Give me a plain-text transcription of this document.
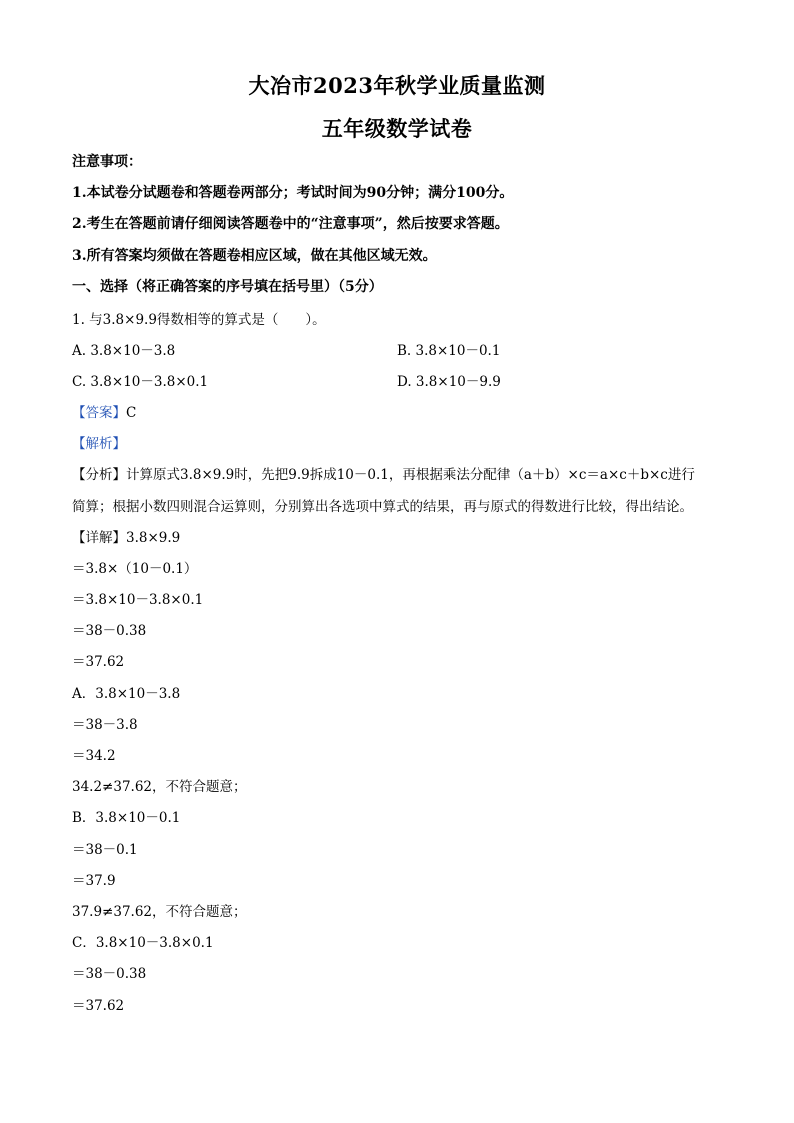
大冶市2023年秋学业质量监测
五年级数学试卷
注意事项：
1.本试卷分试题卷和答题卷两部分；考试时间为90分钟；满分100分。
2.考生在答题前请仔细阅读答题卷中的“注意事项”，然后按要求答题。
3.所有答案均须做在答题卷相应区域，做在其他区域无效。
一、选择（将正确答案的序号填在括号里）（5分）
1. 与3.8×9.9得数相等的算式是（　　）。
A. 3.8×10－3.8	B. 3.8×10－0.1
C. 3.8×10－3.8×0.1	D. 3.8×10－9.9
【答案】C
【解析】
【分析】计算原式3.8×9.9时，先把9.9拆成10－0.1，再根据乘法分配律（a＋b）×c＝a×c＋b×c进行
简算；根据小数四则混合运算则，分别算出各选项中算式的结果，再与原式的得数进行比较，得出结论。
【详解】3.8×9.9
＝3.8×（10－0.1）
＝3.8×10－3.8×0.1
＝38－0.38
＝37.62
A．3.8×10－3.8
＝38－3.8
＝34.2
34.2≠37.62，不符合题意；
B．3.8×10－0.1
＝38－0.1
＝37.9
37.9≠37.62，不符合题意；
C．3.8×10－3.8×0.1
＝38－0.38
＝37.62
